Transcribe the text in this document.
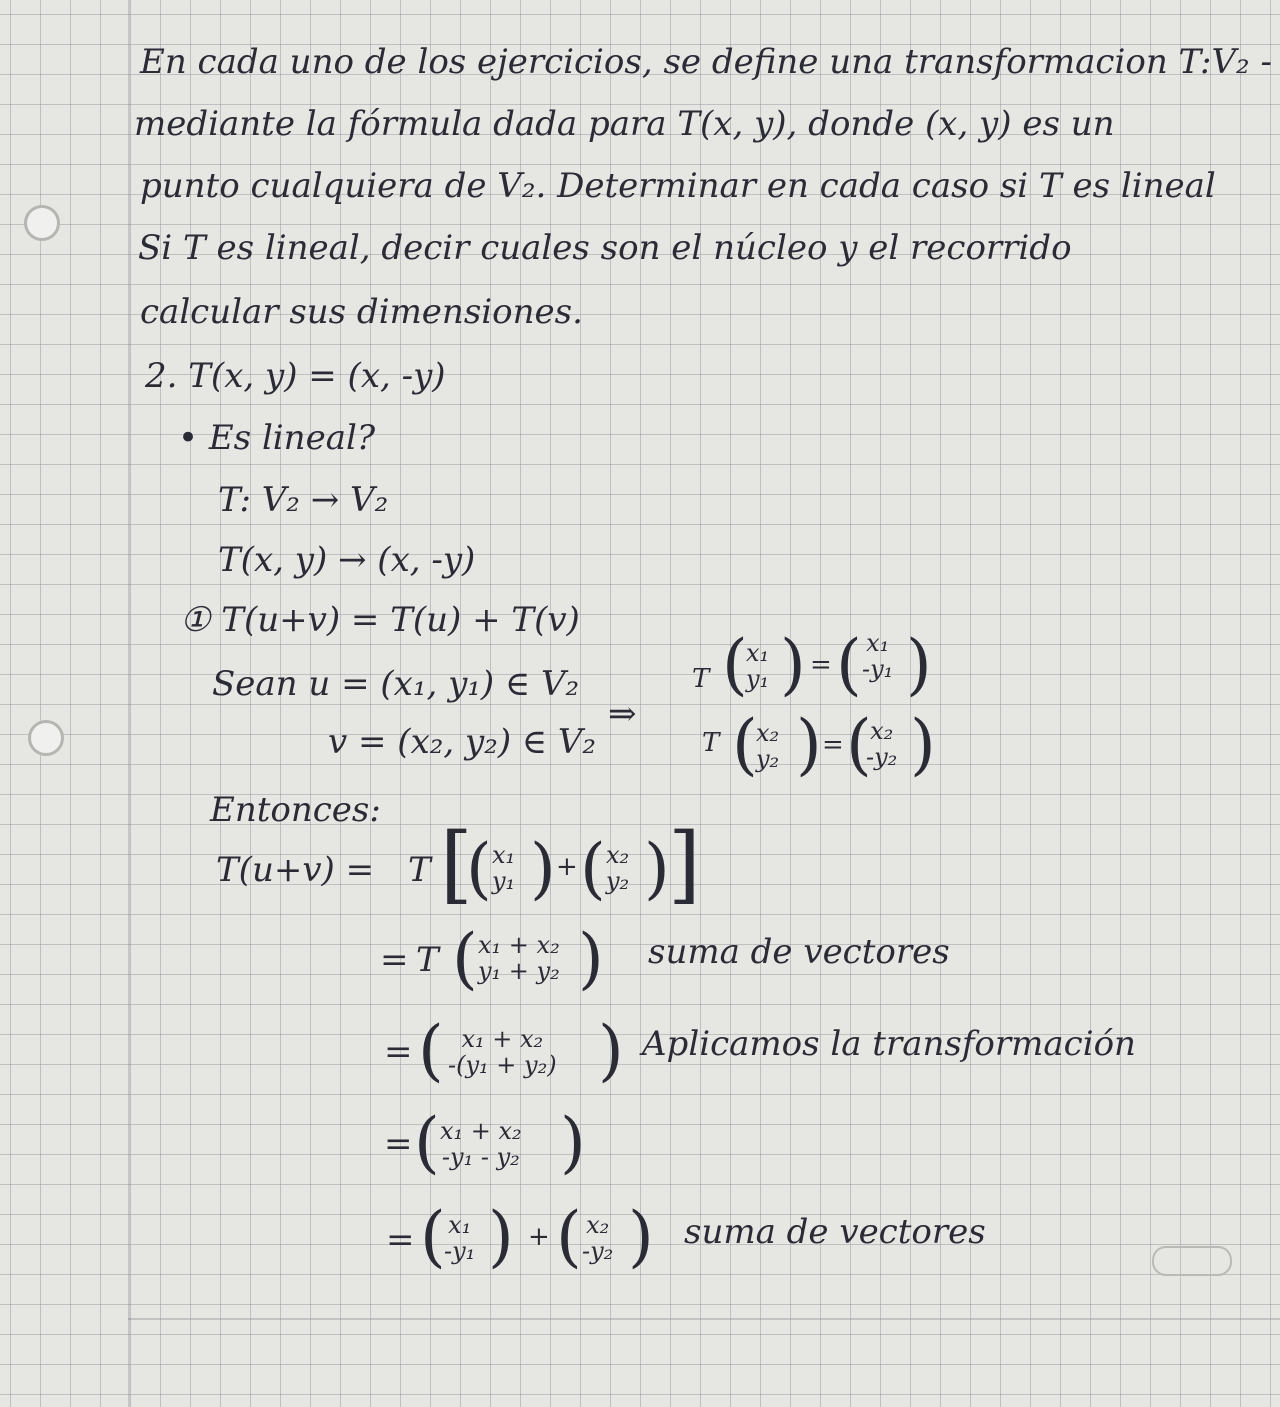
En cada uno de los ejercicios, se define una transformacion T:V₂ -
mediante la fórmula dada para T(x, y), donde (x, y) es un
punto cualquiera de V₂. Determinar en cada caso si T es lineal
Si T es lineal, decir cuales son el núcleo y el recorrido
calcular sus dimensiones.
2. T(x, y) = (x, -y)
• Es lineal?
T: V₂ → V₂
T(x, y) → (x, -y)
① T(u+v) = T(u) + T(v)
Sean u = (x₁, y₁) ∈ V₂
v = (x₂, y₂) ∈ V₂
⇒
T (
x₁
y₁ ) = ( x₁
-y₁ )
T (
x₂
y₂ ) = (
x₂
-y₂ )
Entonces:
T(u+v) = T [
( x₁
y₁ ) + ( x₂
y₂ )
]
= T ( x₁ + x₂
y₁ + y₂ ) suma de vectores
= ( x₁ + x₂
-(y₁ + y₂) ) Aplicamos la transformación
= ( x₁ + x₂
-y₁ - y₂ )
= ( x₁
-y₁ ) + ( x₂
-y₂ ) suma de vectores
